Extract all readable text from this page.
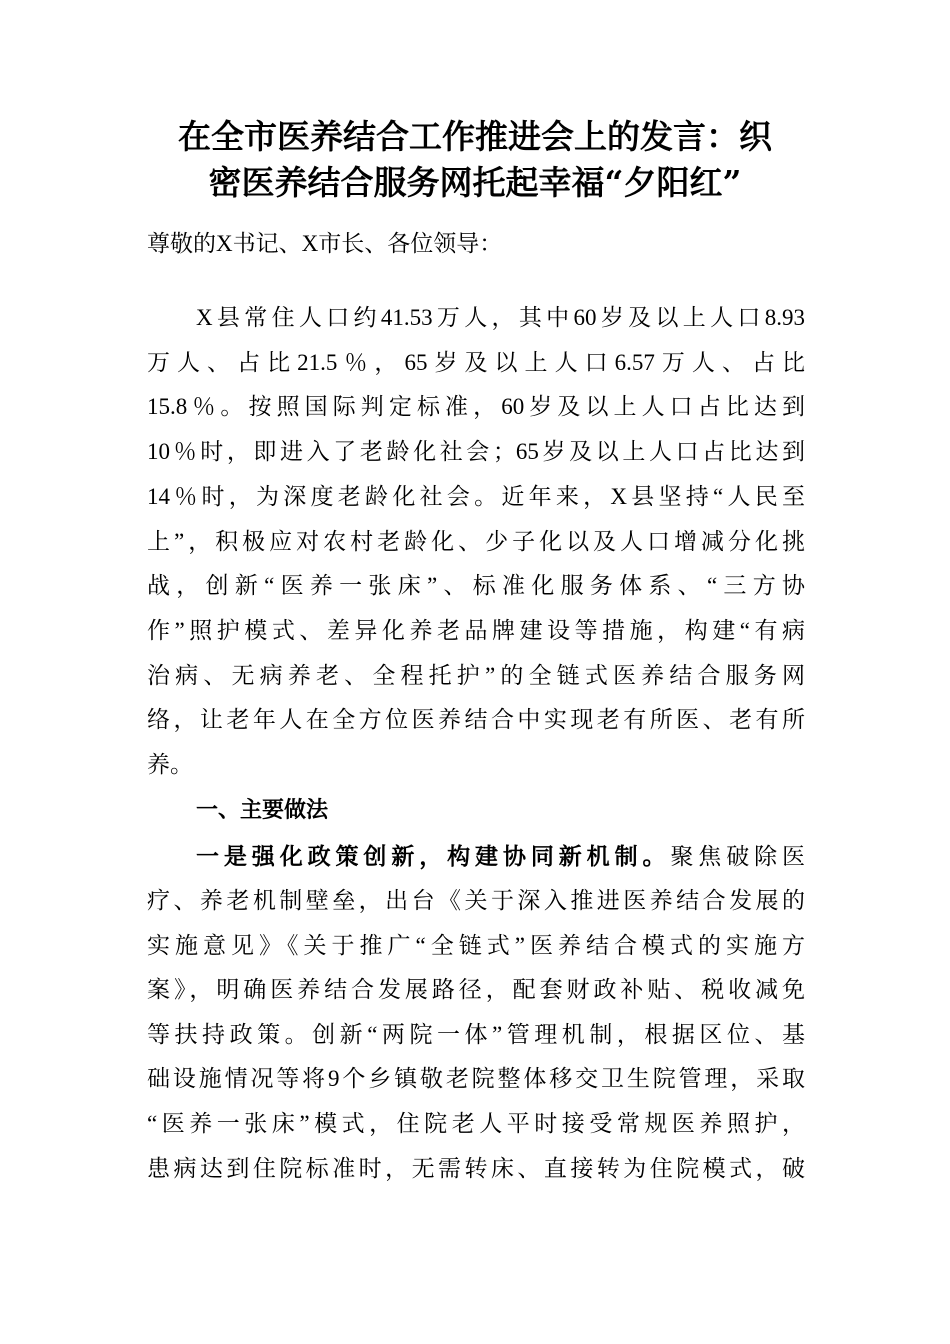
在全市医养结合工作推进会上的发言：织
密医养结合服务网托起幸福“夕阳红”
尊敬的X书记、X市长、各位领导：
X县常住人口约41.53万人，其中60岁及以上人口8.93
万人、占比21.5％，65岁及以上人口6.57万人、占比
15.8％。按照国际判定标准，60岁及以上人口占比达到
10％时，即进入了老龄化社会；65岁及以上人口占比达到
14％时，为深度老龄化社会。近年来，X县坚持“人民至
上”，积极应对农村老龄化、少子化以及人口增减分化挑
战，创新“医养一张床”、标准化服务体系、“三方协
作”照护模式、差异化养老品牌建设等措施，构建“有病
治病、无病养老、全程托护”的全链式医养结合服务网
络，让老年人在全方位医养结合中实现老有所医、老有所
养。
一、主要做法
一是强化政策创新，构建协同新机制。聚焦破除医
疗、养老机制壁垒，出台《关于深入推进医养结合发展的
实施意见》《关于推广“全链式”医养结合模式的实施方
案》，明确医养结合发展路径，配套财政补贴、税收减免
等扶持政策。创新“两院一体”管理机制，根据区位、基
础设施情况等将9个乡镇敬老院整体移交卫生院管理，采取
“医养一张床”模式，住院老人平时接受常规医养照护，
患病达到住院标准时，无需转床、直接转为住院模式，破
